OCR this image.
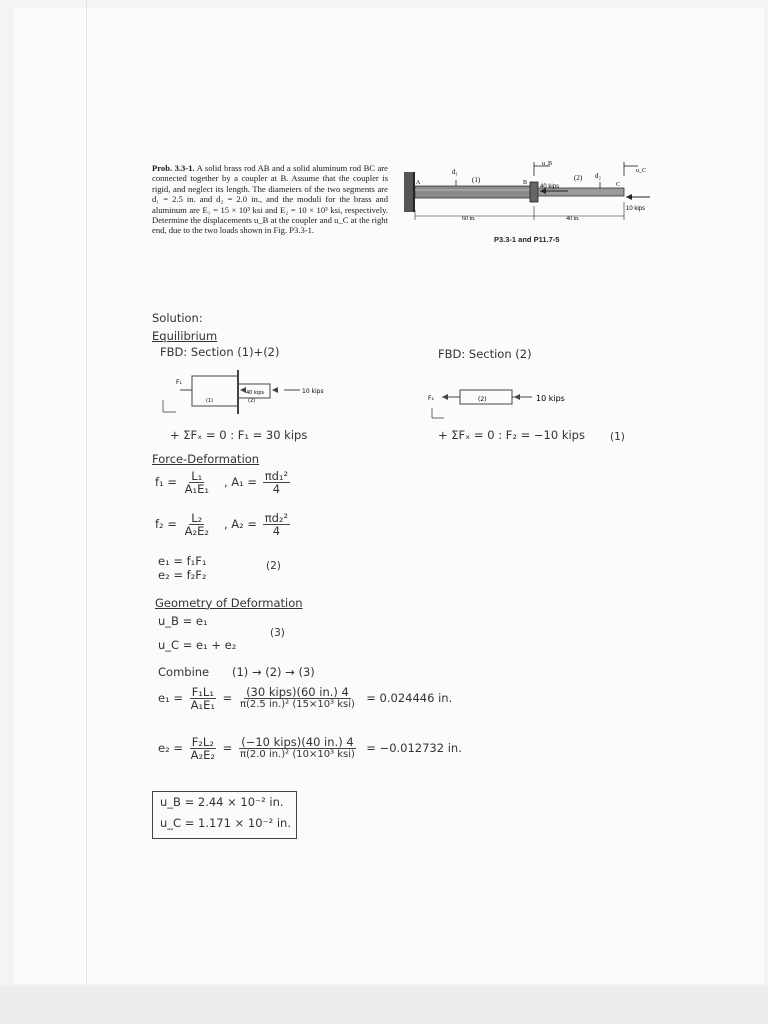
Prob. 3.3-1. A solid brass rod AB and a solid aluminum rod BC are connected together by a coupler at B. Assume that the coupler is rigid, and neglect its length. The diameters of the two segments are d₁ = 2.5 in. and d₂ = 2.0 in., and the moduli for the brass and aluminum are E₁ = 15 × 10³ ksi and E₂ = 10 × 10³ ksi, respectively. Determine the displacements u_B at the coupler and u_C at the right end, due to the two loads shown in Fig. P3.3-1.
d₁
(1)
A	B	C
u_B
u_C
(2) d₂
40 kips
10 kips
60 in.	40 in.
P3.3-1 and P11.7-5
Solution:
Equilibrium
FBD: Section (1)+(2)	FBD: Section (2)
F₁
(1)	(2)
40 kips	10 kips
F₂	(2)	10 kips
+ ΣFₓ = 0 : F₁ = 30 kips	+ ΣFₓ = 0 : F₂ = −10 kips (1)
Force-Deformation
$f_1 = \frac{\text{L₁}}{\text{A₁E₁}}$ , $A_1 = \frac{\text{πd₁²}}{4}$
$f_2 = \frac{\text{L₂}}{\text{A₂E₂}}$ , $A_2 = \frac{\text{πd₂²}}{4}$
e₁ = f₁F₁
e₂ = f₂F₂
(2)
Geometry of Deformation
u_B = e₁
u_C = e₁ + e₂
(3)
Combine (1) → (2) → (3)
$e_1 = \frac{\text{F₁L₁}}{\text{A₁E₁}} = \frac{\text{(30 kips)(60 in.) 4}}{\text{π(2.5 in.)² (15×10³ ksi)}} = 0.024446$ in.
$e_2 = \frac{\text{F₂L₂}}{\text{A₂E₂}} = \frac{\text{(−10 kips)(40 in.) 4}}{\text{π(2.0 in.)² (10×10³ ksi)}} = -0.012732$ in.
u_B = 2.44 × 10⁻² in.
u_C = 1.171 × 10⁻² in.
